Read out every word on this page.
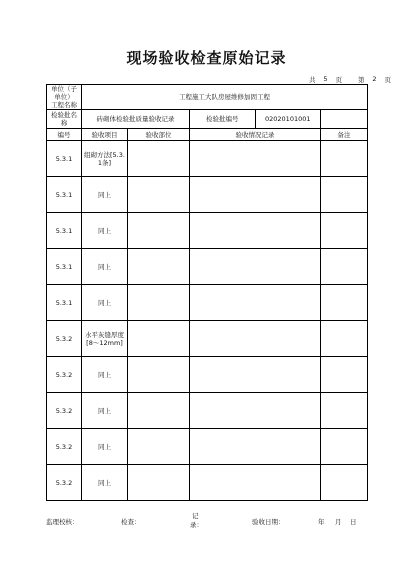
现场验收检查原始记录
共	5	页 第	2	页
单位（子单位）
工程名称	工程施工大队房屋维修加固工程			
检验批名称	砖砌体检验批质量验收记录		检验批编号 02020101001	

编号	验收项目	验收部位	验收情况记录	备注
5.3.1	组砌方法[5.3.1条]			
5.3.1	同上			
5.3.1	同上			
5.3.1	同上			
5.3.1	同上			
5.3.2	水平灰缝厚度[8～12mm]			
5.3.2	同上			
5.3.2	同上			
5.3.2	同上			
5.3.2	同上			
监理校核：	检查：
记
录：	验收日期：	年 月 日
